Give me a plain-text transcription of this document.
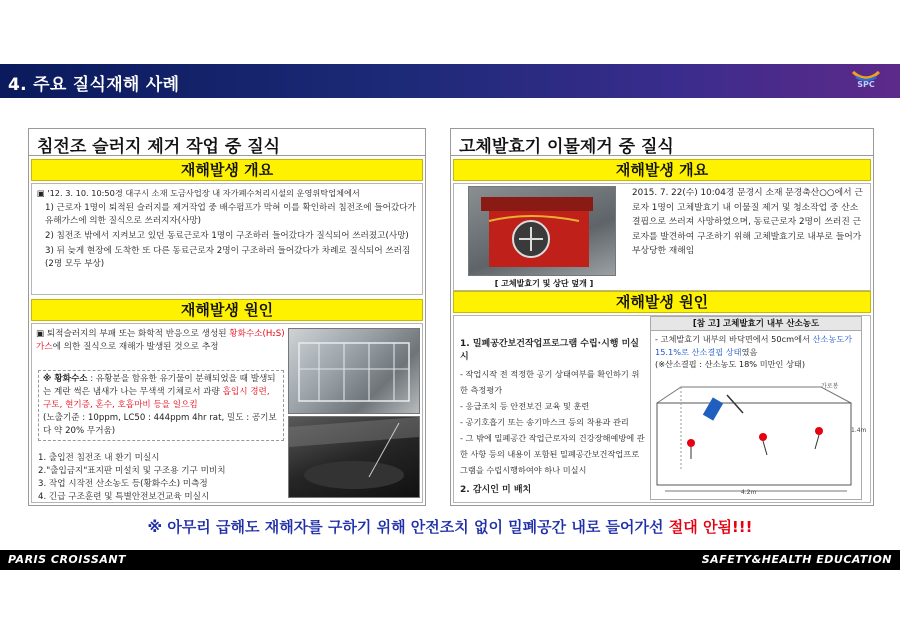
4. 주요 질식재해 사례	SPC
침전조 슬러지 제거 작업 중 질식
재해발생 개요
▣ '12. 3. 10. 10:50경 대구시 소재 도금사업장 내 자가폐수처리시설의 운영위탁업체에서
1) 근로자 1명이 퇴적된 슬러지를 제거작업 중 배수펌프가 막혀 이를 확인하러 침전조에 들어갔다가 유해가스에 의한 질식으로 쓰러지자(사망)
2) 침전조 밖에서 지켜보고 있던 동료근로자 1명이 구조하러 들어갔다가 질식되어 쓰러졌고(사망)
3) 뒤 늦게 현장에 도착한 또 다른 동료근로자 2명이 구조하러 들어갔다가 차례로 질식되어 쓰러짐(2명 모두 부상)
재해발생 원인
▣ 퇴적슬러지의 부패 또는 화학적 반응으로 생성된 황화수소(H₂S) 가스에 의한 질식으로 재해가 발생된 것으로 추정
※ 황화수소 : 유황분을 함유한 유기물이 분해되었을 때 발생되는 계란 썩은 냄새가 나는 무색색 기체로서 과량 흡입시 경련, 구토, 현기증, 혼수, 호흡마비 등을 일으킴
(노출기준 : 10ppm, LC50 : 444ppm 4hr rat, 밀도 : 공기보다 약 20% 무거움)
1. 출입전 침전조 내 환기 미실시
2."출입금지"표지판 미설치 및 구조용 기구 미비치
3. 작업 시작전 산소농도 등(황화수소) 미측정
4. 긴급 구조훈련 및 특별안전보건교육 미실시
고체발효기 이물제거 중 질식
재해발생 개요
[ 고체발효기 및 상단 덮개 ]
2015. 7. 22(수) 10:04경 문경시 소재 문경축산○○에서 근로자 1명이 고체발효기 내 이물질 제거 및 청소작업 중 산소결핍으로 쓰러져 사망하였으며, 동료근로자 2명이 쓰러진 근로자를 발견하여 구조하기 위해 고체발효기로 내부로 들어가 부상당한 재해임
재해발생 원인
1. 밀폐공간보건작업프로그램 수립·시행 미실시
- 작업시작 전 적정한 공기 상태여부를 확인하기 위한 측정평가
- 응급조치 등 안전보건 교육 및 훈련
- 공기호흡기 또는 송기마스크 등의 착용과 관리
- 그 밖에 밀폐공간 작업근로자의 건강장해예방에 관한 사항 등의 내용이 포함된 밀폐공간보건작업프로그램을 수립시행하여야 하나 미실시
2. 감시인 미 배치
[참 고] 고체발효기 내부 산소농도
- 고체발효기 내부의 바닥면에서 50cm에서 산소농도가 15.1%로 산소결핍 상태였음
(※산소결핍 : 산소농도 18% 미만인 상태)
4.2m
1.4m
가로봉
※ 아무리 급해도 재해자를 구하기 위해 안전조치 없이 밀폐공간 내로 들어가선 절대 안됨!!!
PARIS CROISSANT	SAFETY&HEALTH EDUCATION
